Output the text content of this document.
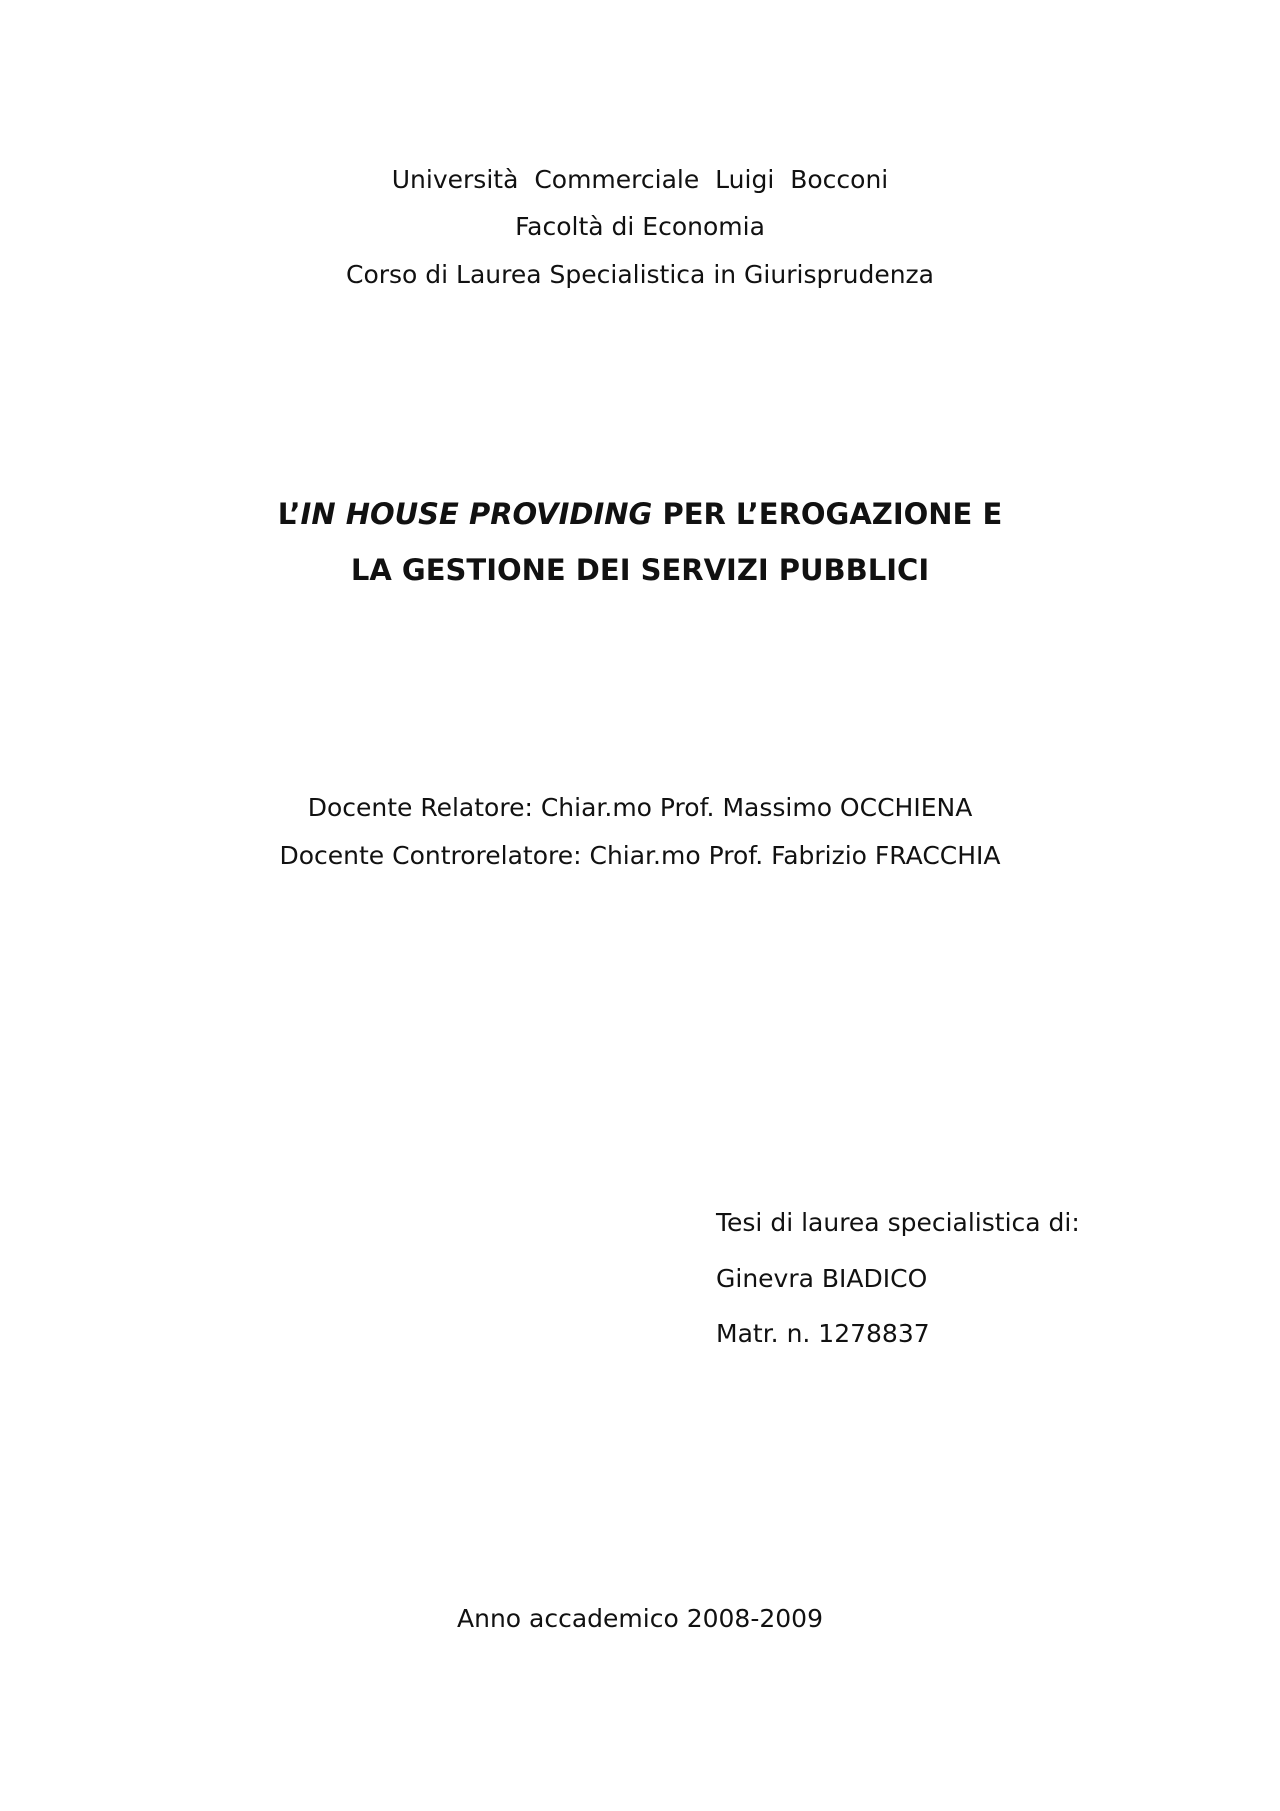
Università Commerciale Luigi Bocconi
Facoltà di Economia
Corso di Laurea Specialistica in Giurisprudenza
L’IN HOUSE PROVIDING PER L’EROGAZIONE E
LA GESTIONE DEI SERVIZI PUBBLICI
Docente Relatore: Chiar.mo Prof. Massimo OCCHIENA
Docente Controrelatore: Chiar.mo Prof. Fabrizio FRACCHIA
Tesi di laurea specialistica di:
Ginevra BIADICO
Matr. n. 1278837
Anno accademico 2008-2009
